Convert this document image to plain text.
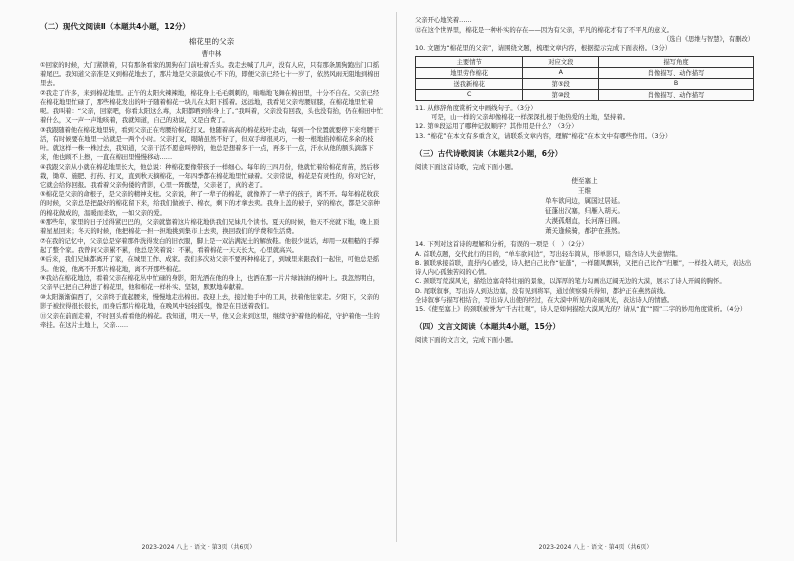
（二）现代文阅读Ⅱ（本题共4小题，12分）

棉花里的父亲

曹中林

①回家的时候，大门紧锁着，只有那条看家的黑狗在门前吐着舌头。我走去喊了几声，没有人应，只有那条黑狗跑出门口摇着尾巴。我知道父亲准是又到棉花地去了，那片地是父亲最放心不下的，即便父亲已经七十一岁了，依然风雨无阻地到棉田里去。

②我走了许多，来到棉花地里。正午的太阳火辣辣地，棉花身上毛毛刺刺的，嗡嗡地飞舞在棉田里，十分不自在。父亲已经在棉花地里忙碌了，那些棉花发出的叶子随着棉花一块儿在太阳下摇着。远远地，我看见父亲弯腰屈膝，在棉花地里忙着呢。我叫着：“父亲，回家吧，你看太阳这么毒，太阳都晒到你身上了。”我叫着，父亲没有回我，头也没有抬，仍在棉田中忙着什么，又一声一声地咳着，我就知道，自己的劝说，又是白费了。

③我跟随着他在棉花地里转，看到父亲正在弯腰给棉花打叉。他随着高高的棉花枝叶走动，每到一个位置就要停下来弯腰干活，有时候要在地里一站就是一两个小时。父亲打叉，眼睛虽然不好了，但双手却很灵巧，一根一根地掐掉棉花多余的枝叶。就这样一株一株过去，我知道，父亲干活不愿意叫停的，他总是想着多干一点，再多干一点，汗水从他的额头滴落下来，他也顾不上擦，一直在棉田里慢慢移动……

④我跟父亲从小就在棉花地里长大，他总说：种棉花要像带孩子一样细心。每年的三四月份，他就忙着给棉花育苗，然后移栽，锄草、施肥、打药、打叉，直到秋天摘棉花，一年四季都在棉花地里忙碌着。父亲常说，棉花是有灵性的，你对它好，它就会给你回报。我看着父亲佝偻的背影，心里一阵酸楚，父亲老了，真的老了。

⑤棉花是父亲的命根子，是父亲的精神支柱。父亲说，种了一辈子的棉花，就像养了一辈子的孩子，离不开。每年棉花收获的时候，父亲总是把最好的棉花留下来，给我们做被子、棉衣，剩下的才拿去卖。我身上盖的被子，穿的棉衣，都是父亲种的棉花做成的，温暖而柔软，一如父亲的爱。

⑥那些年，家里的日子过得紧巴巴的，父亲就靠着这片棉花地供我们兄妹几个读书。夏天的时候，他天不亮就下地，晚上顶着星星回来；冬天的时候，他把棉花一担一担地挑到集市上去卖，换回我们的学费和生活费。

⑦在我的记忆中，父亲总是穿着那件洗得发白的旧衣服，脚上是一双沾满泥土的解放鞋。他很少说话，却用一双粗糙的手撑起了整个家。我曾问父亲累不累，他总是笑着说：不累，看着棉花一天天长大，心里就高兴。

⑧后来，我们兄妹都离开了家，在城里工作、成家。我们多次劝父亲不要再种棉花了，到城里来跟我们一起住，可他总是摇头。他说，他离不开那片棉花地，离不开那些棉花。

⑨我站在棉花地边，看着父亲在棉花丛中忙碌的身影，阳光洒在他的身上，也洒在那一片片绿油油的棉叶上。我忽然明白，父亲早已把自己种进了棉花里，他和棉花一样朴实、坚韧，默默地奉献着。

⑩太阳渐渐偏西了，父亲终于直起腰来，慢慢地走出棉田。我迎上去，接过他手中的工具，扶着他往家走。夕阳下，父亲的影子被拉得很长很长，而身后那片棉花地，在晚风中轻轻摇曳，像是在目送着我们。

⑪父亲在前面走着，不时回头看看他的棉花。我知道，明天一早，他又会来到这里，继续守护着他的棉花，守护着他一生的牵挂。在这片土地上，父亲……

2023-2024 八上 · 语文 · 第3页（共6页）

父亲开心地笑着……

⑫在这个世界里，棉花是一种朴实的存在——因为有父亲，平凡的棉花才有了不平凡的意义。

（选自《思维与智慧》，有删改）

10. 文题为“棉花里的父亲”，请围绕文题，梳理文章内容，根据提示完成下面表格。（3分）

主要情节	对应文段	描写角度
地里劳作棉花	A	肖像描写、动作描写
送我新棉花	第⑤段	B
C	第⑩段	肖像描写、动作描写

11. 从修辞角度赏析文中画线句子。（3分）

可是，山一样的父亲却像棉花一样深深扎根于他热爱的土地，坚持着。

12. 第⑤段运用了哪种记叙顺序？其作用是什么？（3分）

13. “棉花”在本文有多重含义，请联系文章内容，理解“棉花”在本文中有哪些作用。（3分）

（三）古代诗歌阅读（本题共2小题，6分）

阅读下面这首诗歌，完成下面小题。

使至塞上
王维
单车欲问边，属国过居延。
征蓬出汉塞，归雁入胡天。
大漠孤烟直，长河落日圆。
萧关逢候骑，都护在燕然。

14. 下列对这首诗的理解和分析，有误的一项是（　）（2分）

A. 首联点题，交代此行的目的，“单车欲问边”，写出轻车简从，形单影只，暗含诗人失意情绪。

B. 颔联承接首联，直抒内心感受，诗人把自己比作“征蓬”，一样随风飘转，又把自己比作“归雁”，一样投入胡天，表达出诗人内心孤独苦闷的心情。

C. 颈联写荒漠风光，描绘边塞奇特壮丽的景象，以浑厚的笔力勾画出辽阔无边的大漠，展示了诗人开阔的胸怀。

D. 尾联叙事，写出诗人到达边塞，没有见到将军，通过侦察骑兵得知，都护正在燕然前线。

全诗叙事与描写相结合，写出诗人出使的经过，在大漠中所见的奇丽风光，表达诗人的情感。

15.《使至塞上》的颈联被誉为“千古壮观”，诗人是如何描绘大漠风光的？请从“直”“圆”二字的妙用角度赏析。（4分）

（四）文言文阅读（本题共4小题，15分）

阅读下面的文言文，完成下面小题。

2023-2024 八上 · 语文 · 第4页（共6页）
